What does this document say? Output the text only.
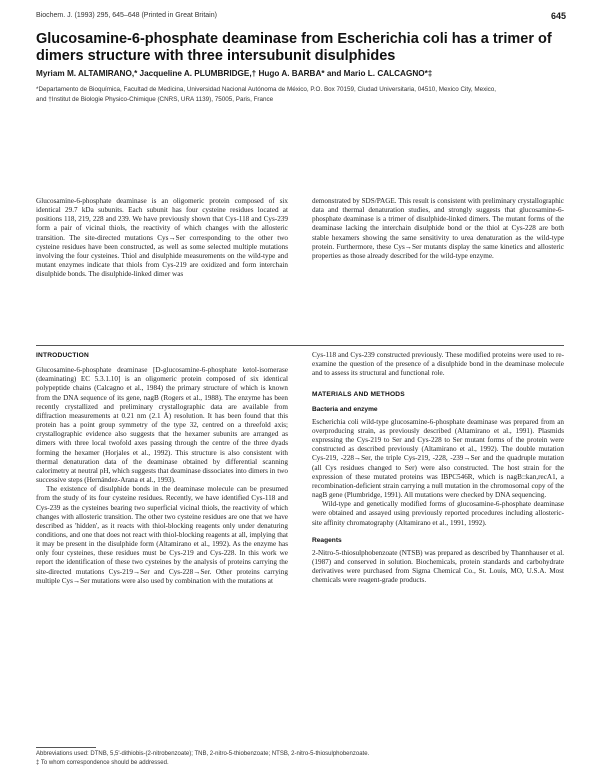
Biochem. J. (1993) 295, 645–648 (Printed in Great Britain)	645
Glucosamine-6-phosphate deaminase from Escherichia coli has a trimer of dimers structure with three intersubunit disulphides
Myriam M. ALTAMIRANO,* Jacqueline A. PLUMBRIDGE,† Hugo A. BARBA* and Mario L. CALCAGNO*‡
*Departamento de Bioquímica, Facultad de Medicina, Universidad Nacional Autónoma de México, P.O. Box 70159, Ciudad Universitaria, 04510, Mexico City, Mexico,
and †Institut de Biologie Physico-Chimique (CNRS, URA 1139), 75005, Paris, France
Glucosamine-6-phosphate deaminase is an oligomeric protein composed of six identical 29.7 kDa subunits. Each subunit has four cysteine residues located at positions 118, 219, 228 and 239. We have previously shown that Cys-118 and Cys-239 form a pair of vicinal thiols, the reactivity of which changes with the allosteric transition. The site-directed mutations Cys→Ser corresponding to the other two cysteine residues have been constructed, as well as some selected multiple mutations involving the four cysteines. Thiol and disulphide measurements on the wild-type and mutant enzymes indicate that thiols from Cys-219 are oxidized and form interchain disulphide bonds. The disulphide-linked dimer was
demonstrated by SDS/PAGE. This result is consistent with preliminary crystallographic data and thermal denaturation studies, and strongly suggests that glucosamine-6-phosphate deaminase is a trimer of disulphide-linked dimers. The mutant forms of the deaminase lacking the interchain disulphide bond or the thiol at Cys-228 are both stable hexamers showing the same sensitivity to urea denaturation as the wild-type protein. Furthermore, these Cys→Ser mutants display the same kinetics and allosteric properties as those already described for the wild-type enzyme.
INTRODUCTION

Glucosamine-6-phosphate deaminase [D-glucosamine-6-phosphate ketol-isomerase (deaminating) EC 5.3.1.10] is an oligomeric protein composed of six identical polypeptide chains (Calcagno et al., 1984) the primary structure of which is known from the DNA sequence of its gene, nagB (Rogers et al., 1988). The enzyme has been recently crystallized and preliminary crystallographic data are available from diffraction measurements at 0.21 nm (2.1 Å) resolution. It has been found that this protein has a point group symmetry of the type 32, centred on a threefold axis; crystallographic evidence also suggests that the hexamer subunits are arranged as dimers with three local twofold axes passing through the centre of the three dyads forming the hexamer (Horjales et al., 1992). This structure is also consistent with thermal denaturation data of the deaminase obtained by differential scanning calorimetry at neutral pH, which suggests that deaminase dissociates into dimers in two successive steps (Hernández-Arana et al., 1993).

The existence of disulphide bonds in the deaminase molecule can be presumed from the study of its four cysteine residues. Recently, we have identified Cys-118 and Cys-239 as the cysteines bearing two superficial vicinal thiols, the reactivity of which changes with allosteric transition. The other two cysteine residues are one that we have described as 'hidden', as it reacts with thiol-blocking reagents only under denaturing conditions, and one that does not react with thiol-blocking reagents at all, implying that it may be present in the disulphide form (Altamirano et al., 1992). As the enzyme has only four cysteines, these residues must be Cys-219 and Cys-228. In this work we report the identification of these two cysteines by the analysis of proteins carrying the site-directed mutations Cys-219→Ser and Cys-228→Ser. Other proteins carrying multiple Cys→Ser mutations were also used by combination with the mutations at

Cys-118 and Cys-239 constructed previously. These modified proteins were used to re-examine the question of the presence of a disulphide bond in the deaminase molecule and to assess its structural and functional role.

MATERIALS AND METHODS
Bacteria and enzyme

Escherichia coli wild-type glucosamine-6-phosphate deaminase was prepared from an overproducing strain, as previously described (Altamirano et al., 1991). Plasmids expressing the Cys-219 to Ser and Cys-228 to Ser mutant forms of the protein were constructed as described previously (Altamirano et al., 1992). The double mutation Cys-219, -228→Ser, the triple Cys-219, -228, -239→Ser and the quadruple mutation (all Cys residues changed to Ser) were also constructed. The host strain for the expression of these mutated proteins was IBPC546R, which is nagB::kan,recA1, a recombination-deficient strain carrying a null mutation in the chromosomal copy of the nagB gene (Plumbridge, 1991). All mutations were checked by DNA sequencing.

Wild-type and genetically modified forms of glucosamine-6-phosphate deaminase were obtained and assayed using previously reported procedures including allosteric-site affinity chromatography (Altamirano et al., 1991, 1992).

Reagents

2-Nitro-5-thiosulphobenzoate (NTSB) was prepared as described by Thannhauser et al. (1987) and conserved in solution. Biochemicals, protein standards and carbohydrate derivatives were purchased from Sigma Chemical Co., St. Louis, MO, U.S.A. Most chemicals were reagent-grade products.

Abbreviations used: DTNB, 5,5'-dithiobis-(2-nitrobenzoate); TNB, 2-nitro-5-thiobenzoate; NTSB, 2-nitro-5-thiosulphobenzoate.
‡ To whom correspondence should be addressed.
